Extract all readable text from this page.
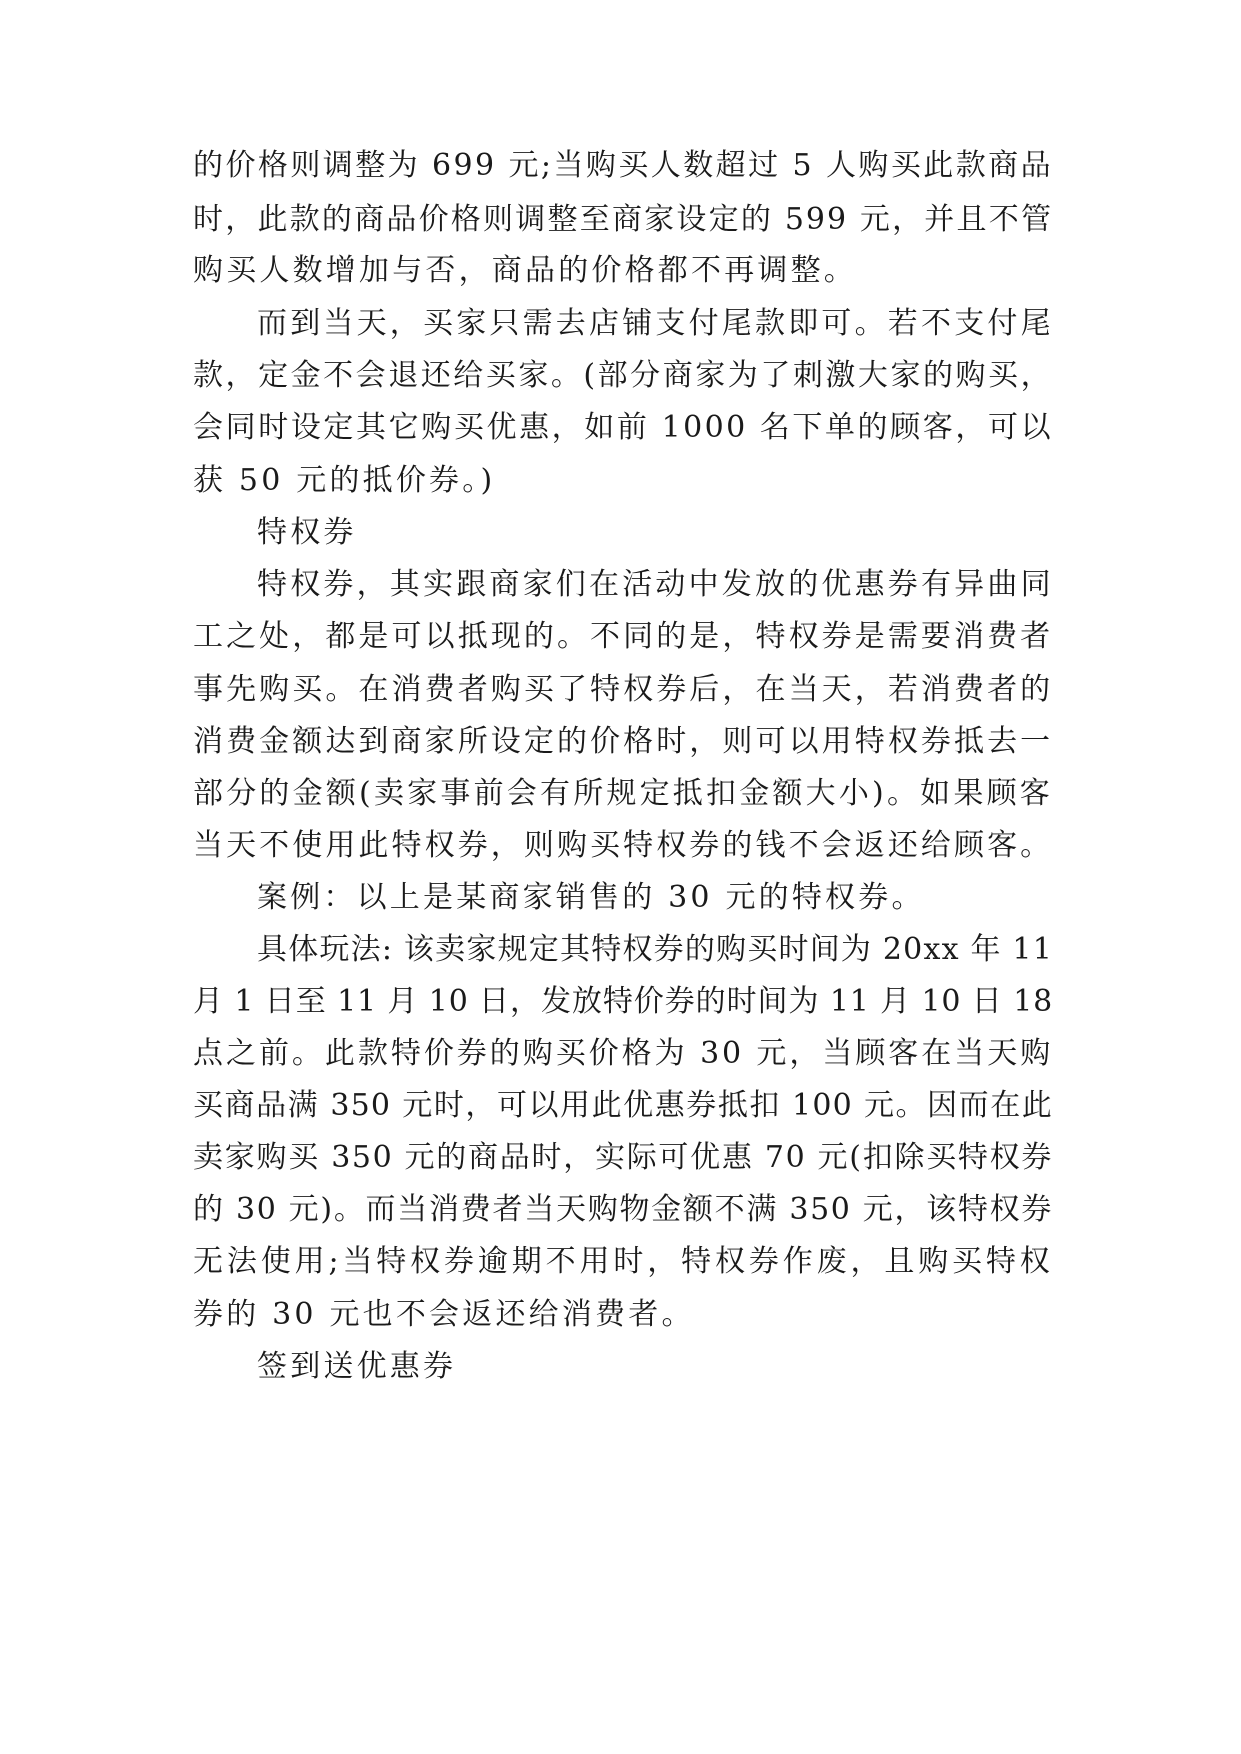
的价格则调整为 699 元;当购买人数超过 5 人购买此款商品

时，此款的商品价格则调整至商家设定的 599 元，并且不管

购买人数增加与否，商品的价格都不再调整。

而到当天，买家只需去店铺支付尾款即可。若不支付尾

款，定金不会退还给买家。(部分商家为了刺激大家的购买，

会同时设定其它购买优惠，如前 1000 名下单的顾客，可以

获 50 元的抵价券。)

特权券

特权券，其实跟商家们在活动中发放的优惠券有异曲同

工之处，都是可以抵现的。不同的是，特权券是需要消费者

事先购买。在消费者购买了特权券后，在当天，若消费者的

消费金额达到商家所设定的价格时，则可以用特权券抵去一

部分的金额(卖家事前会有所规定抵扣金额大小)。如果顾客

当天不使用此特权券，则购买特权券的钱不会返还给顾客。

案例：以上是某商家销售的 30 元的特权券。

具体玩法: 该卖家规定其特权券的购买时间为 20xx 年 11

月 1 日至 11 月 10 日，发放特价券的时间为 11 月 10 日 18

点之前。此款特价券的购买价格为 30 元，当顾客在当天购

买商品满 350 元时，可以用此优惠券抵扣 100 元。因而在此

卖家购买 350 元的商品时，实际可优惠 70 元(扣除买特权券

的 30 元)。而当消费者当天购物金额不满 350 元，该特权券

无法使用;当特权券逾期不用时，特权券作废，且购买特权

券的 30 元也不会返还给消费者。

签到送优惠券
